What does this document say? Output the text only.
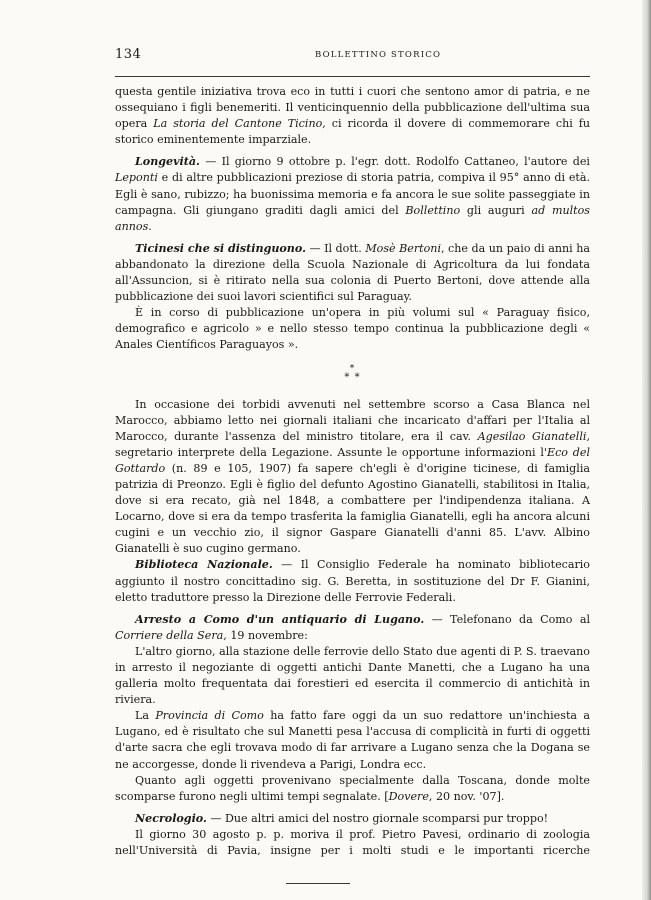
134	BOLLETTINO STORICO

questa gentile iniziativa trova eco in tutti i cuori che sentono amor di patria, e ne ossequiano i figli benemeriti. Il venticinquennio della pubblicazione dell'ultima sua opera La storia del Cantone Ticino, ci ricorda il dovere di commemorare chi fu storico eminentemente imparziale.

Longevità. — Il giorno 9 ottobre p. l'egr. dott. Rodolfo Cattaneo, l'autore dei Leponti e di altre pubblicazioni preziose di storia patria, compiva il 95° anno di età. Egli è sano, rubizzo; ha buonissima memoria e fa ancora le sue solite passeggiate in campagna. Gli giungano graditi dagli amici del Bollettino gli auguri ad multos annos.

Ticinesi che si distinguono. — Il dott. Mosè Bertoni, che da un paio di anni ha abbandonato la direzione della Scuola Nazionale di Agricoltura da lui fondata all'Assuncion, si è ritirato nella sua colonia di Puerto Bertoni, dove attende alla pubblicazione dei suoi lavori scientifici sul Paraguay.

È in corso di pubblicazione un'opera in più volumi sul « Paraguay fisico, demografico e agricolo » e nello stesso tempo continua la pubblicazione degli « Anales Científicos Paraguayos ».

*
* *

In occasione dei torbidi avvenuti nel settembre scorso a Casa Blanca nel Marocco, abbiamo letto nei giornali italiani che incaricato d'affari per l'Italia al Marocco, durante l'assenza del ministro titolare, era il cav. Agesilao Gianatelli, segretario interprete della Legazione. Assunte le opportune informazioni l'Eco del Gottardo (n. 89 e 105, 1907) fa sapere ch'egli è d'origine ticinese, di famiglia patrizia di Preonzo. Egli è figlio del defunto Agostino Gianatelli, stabilitosi in Italia, dove si era recato, già nel 1848, a combattere per l'indipendenza italiana. A Locarno, dove si era da tempo trasferita la famiglia Gianatelli, egli ha ancora alcuni cugini e un vecchio zio, il signor Gaspare Gianatelli d'anni 85. L'avv. Albino Gianatelli è suo cugino germano.

Biblioteca Nazionale. — Il Consiglio Federale ha nominato bibliotecario aggiunto il nostro concittadino sig. G. Beretta, in sostituzione del Dr F. Gianini, eletto traduttore presso la Direzione delle Ferrovie Federali.

Arresto a Como d'un antiquario di Lugano. — Telefonano da Como al Corriere della Sera, 19 novembre:

L'altro giorno, alla stazione delle ferrovie dello Stato due agenti di P. S. traevano in arresto il negoziante di oggetti antichi Dante Manetti, che a Lugano ha una galleria molto frequentata dai forestieri ed esercita il commercio di antichità in riviera.

La Provincia di Como ha fatto fare oggi da un suo redattore un'inchiesta a Lugano, ed è risultato che sul Manetti pesa l'accusa di complicità in furti di oggetti d'arte sacra che egli trovava modo di far arrivare a Lugano senza che la Dogana se ne accorgesse, donde li rivendeva a Parigi, Londra ecc.

Quanto agli oggetti provenivano specialmente dalla Toscana, donde molte scomparse furono negli ultimi tempi segnalate. [Dovere, 20 nov. '07].

Necrologio. — Due altri amici del nostro giornale scomparsi pur troppo!

Il giorno 30 agosto p. p. moriva il prof. Pietro Pavesi, ordinario di zoologia nell'Università di Pavia, insigne per i molti studi e le importanti ricerche
